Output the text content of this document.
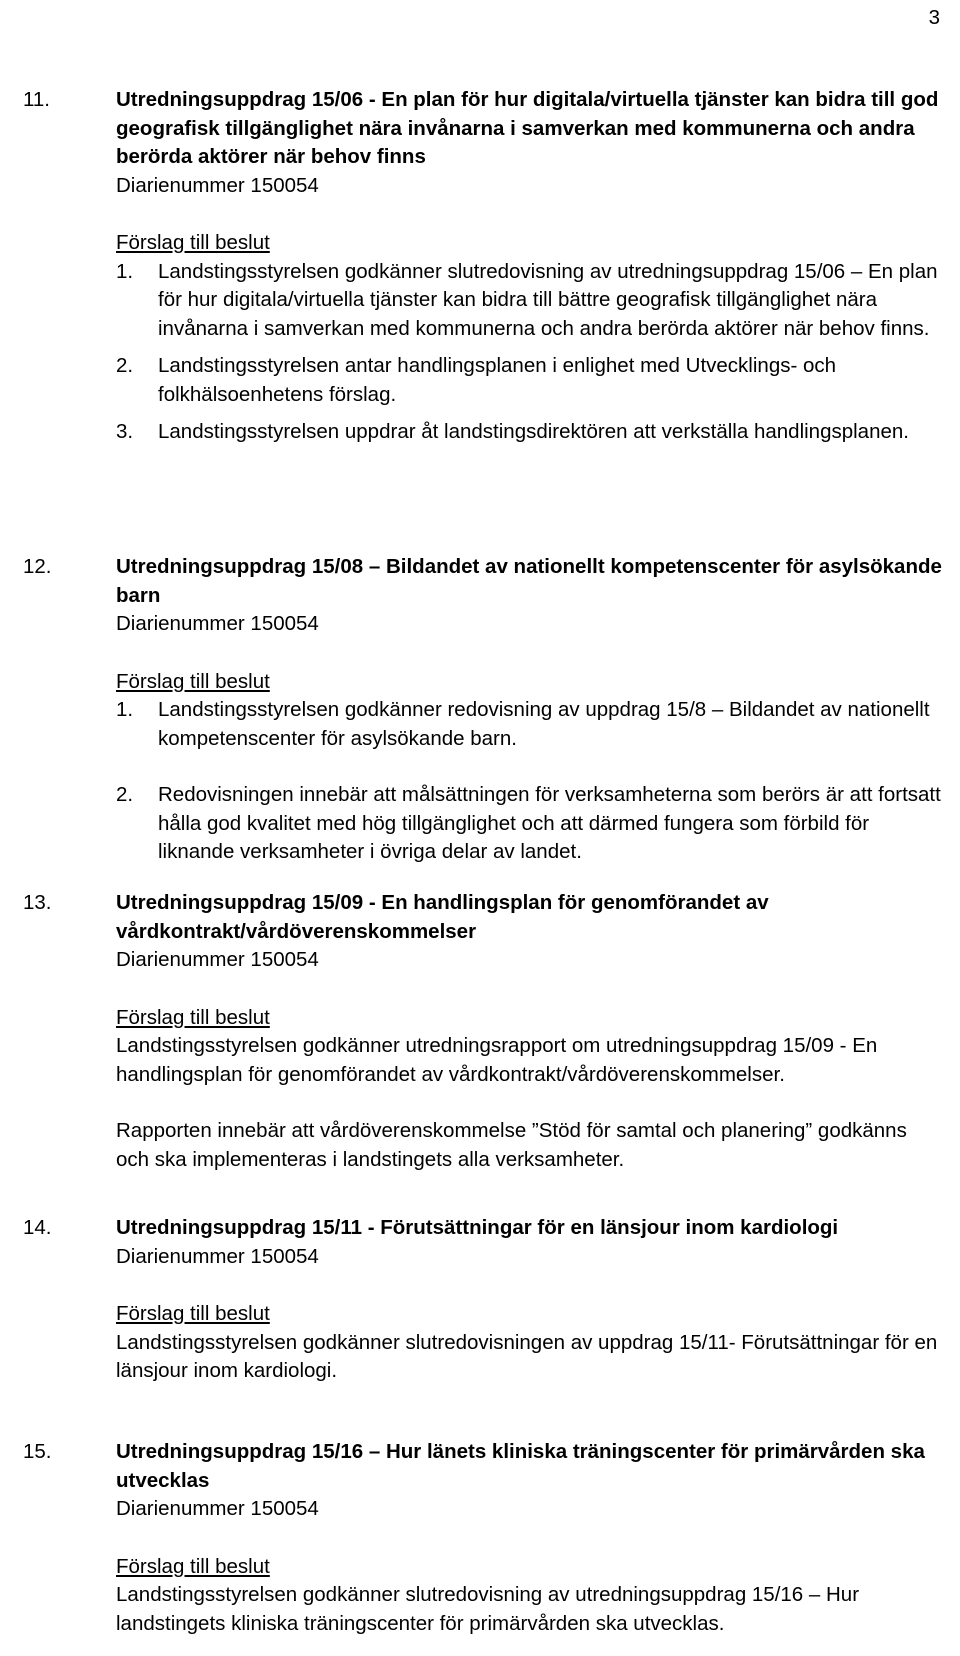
3
11.	Utredningsuppdrag 15/06 - En plan för hur digitala/virtuella tjänster kan bidra till god geografisk tillgänglighet nära invånarna i samverkan med kommunerna och andra berörda aktörer när behov finns
Diarienummer 150054
Förslag till beslut
1. Landstingsstyrelsen godkänner slutredovisning av utredningsuppdrag 15/06 – En plan för hur digitala/virtuella tjänster kan bidra till bättre geografisk tillgänglighet nära invånarna i samverkan med kommunerna och andra berörda aktörer när behov finns.

2. Landstingsstyrelsen antar handlingsplanen i enlighet med Utvecklings- och folkhälsoenhetens förslag.

3. Landstingsstyrelsen uppdrar åt landstingsdirektören att verkställa handlingsplanen.

12.	Utredningsuppdrag 15/08 – Bildandet av nationellt kompetenscenter för asylsökande barn
Diarienummer 150054
Förslag till beslut
1. Landstingsstyrelsen godkänner redovisning av uppdrag 15/8 – Bildandet av nationellt kompetenscenter för asylsökande barn.

2. Redovisningen innebär att målsättningen för verksamheterna som berörs är att fortsatt hålla god kvalitet med hög tillgänglighet och att därmed fungera som förbild för liknande verksamheter i övriga delar av landet.

13.	Utredningsuppdrag 15/09 - En handlingsplan för genomförandet av vårdkontrakt/vårdöverenskommelser
Diarienummer 150054
Förslag till beslut

Landstingsstyrelsen godkänner utredningsrapport om utredningsuppdrag 15/09 - En handlingsplan för genomförandet av vårdkontrakt/vårdöverenskommelser.

Rapporten innebär att vårdöverenskommelse ”Stöd för samtal och planering” godkänns och ska implementeras i landstingets alla verksamheter.

14.	Utredningsuppdrag 15/11 - Förutsättningar för en länsjour inom kardiologi
Diarienummer 150054
Förslag till beslut

Landstingsstyrelsen godkänner slutredovisningen av uppdrag 15/11- Förutsättningar för en länsjour inom kardiologi.

15.	Utredningsuppdrag 15/16 – Hur länets kliniska träningscenter för primärvården ska utvecklas
Diarienummer 150054
Förslag till beslut

Landstingsstyrelsen godkänner slutredovisning av utredningsuppdrag 15/16 – Hur landstingets kliniska träningscenter för primärvården ska utvecklas.
